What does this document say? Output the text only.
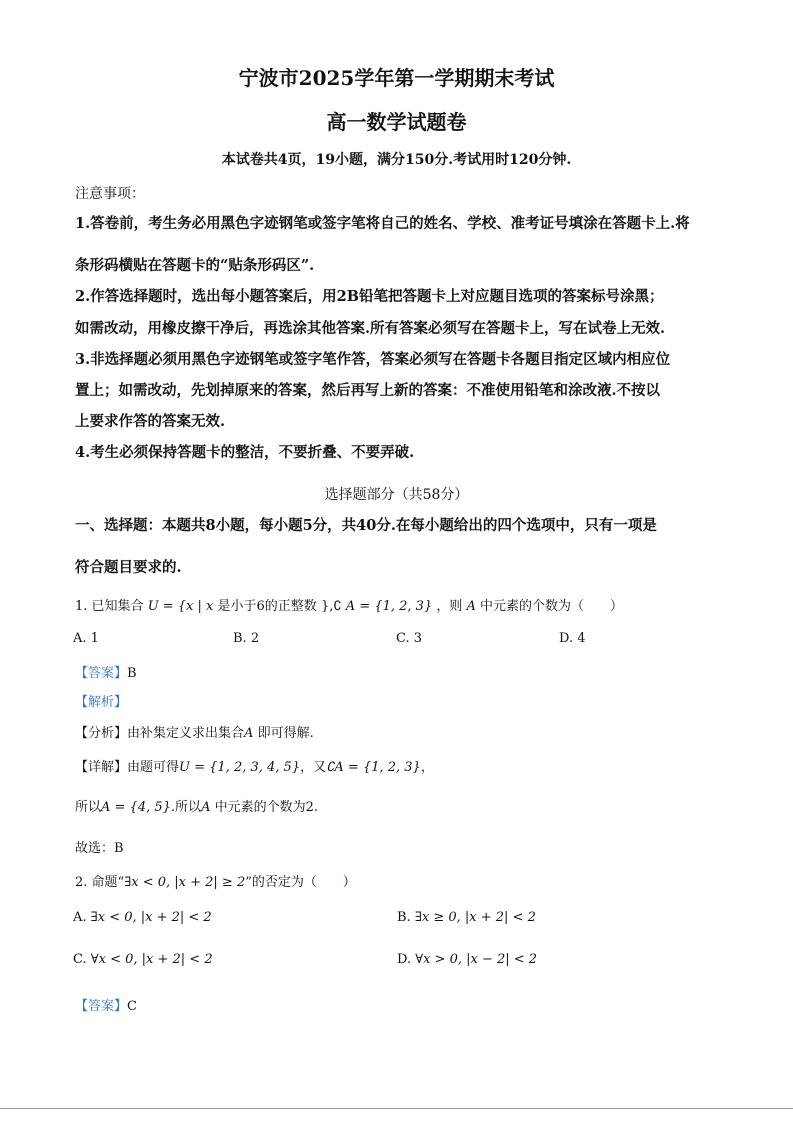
宁波市2025学年第一学期期末考试
高一数学试题卷
本试卷共4页，19小题，满分150分.考试用时120分钟.
注意事项：
1.答卷前，考生务必用黑色字迹钢笔或签字笔将自己的姓名、学校、准考证号填涂在答题卡上.将
条形码横贴在答题卡的“贴条形码区”.
2.作答选择题时，选出每小题答案后，用2B铅笔把答题卡上对应题目选项的答案标号涂黑；
如需改动，用橡皮擦干净后，再选涂其他答案.所有答案必须写在答题卡上，写在试卷上无效.
3.非选择题必须用黑色字迹钢笔或签字笔作答，答案必须写在答题卡各题目指定区域内相应位
置上；如需改动，先划掉原来的答案，然后再写上新的答案：不准使用铅笔和涂改液.不按以
上要求作答的答案无效.
4.考生必须保持答题卡的整洁，不要折叠、不要弄破.
选择题部分（共58分）
一、选择题：本题共8小题，每小题5分，共40分.在每小题给出的四个选项中，只有一项是
符合题目要求的.
1. 已知集合 U = {x | x 是小于6的正整数 },∁ A = {1, 2, 3} ，则 A 中元素的个数为（　　）
A. 1	B. 2	C. 3	D. 4
【答案】B
【解析】
【分析】由补集定义求出集合A 即可得解.
【详解】由题可得U = {1, 2, 3, 4, 5}，又∁A = {1, 2, 3}，
所以A = {4, 5}.所以A 中元素的个数为2.
故选：B
2. 命题“∃x < 0, |x + 2| ≥ 2”的否定为（　　）
A. ∃x < 0, |x + 2| < 2	B. ∃x ≥ 0, |x + 2| < 2
C. ∀x < 0, |x + 2| < 2	D. ∀x > 0, |x − 2| < 2
【答案】C
